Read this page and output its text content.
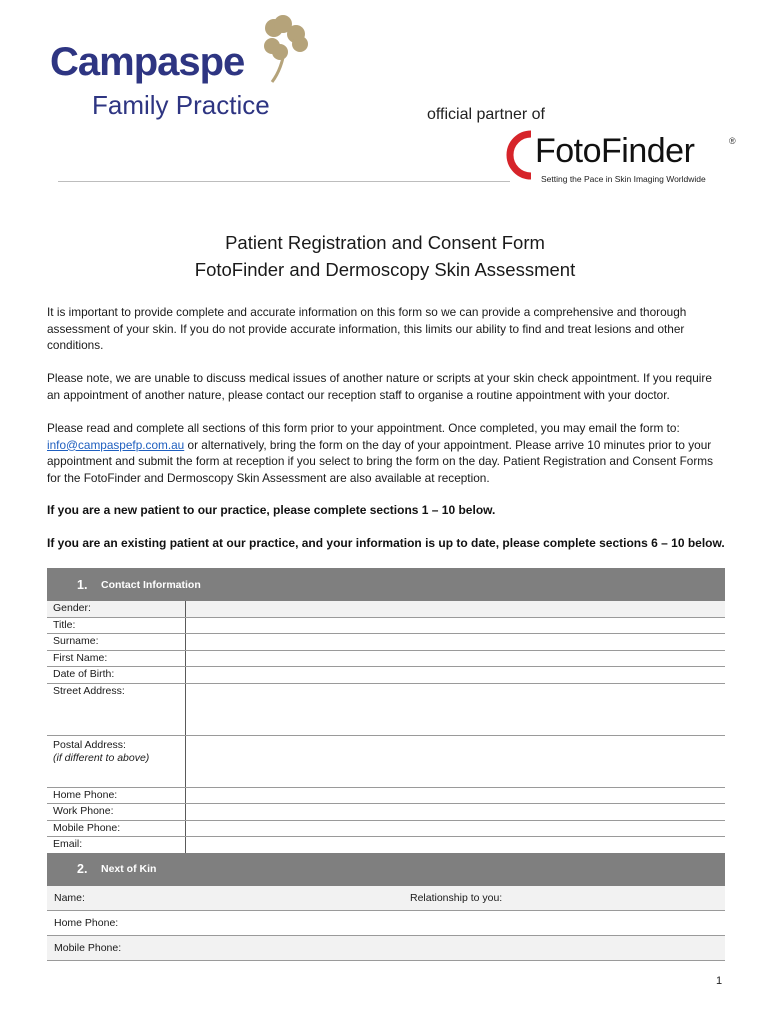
Campaspe
Family Practice	official partner of
FotoFinder	®
Setting the Pace in Skin Imaging Worldwide
Patient Registration and Consent Form
FotoFinder and Dermoscopy Skin Assessment
It is important to provide complete and accurate information on this form so we can provide a comprehensive and thorough assessment of your skin. If you do not provide accurate information, this limits our ability to find and treat lesions and other conditions.
Please note, we are unable to discuss medical issues of another nature or scripts at your skin check appointment. If you require an appointment of another nature, please contact our reception staff to organise a routine appointment with your doctor.
Please read and complete all sections of this form prior to your appointment. Once completed, you may email the form to: info@campaspefp.com.au or alternatively, bring the form on the day of your appointment. Please arrive 10 minutes prior to your appointment and submit the form at reception if you select to bring the form on the day. Patient Registration and Consent Forms for the FotoFinder and Dermoscopy Skin Assessment are also available at reception.
If you are a new patient to our practice, please complete sections 1 – 10 below.
If you are an existing patient at our practice, and your information is up to date, please complete sections 6 – 10 below.
1.	Contact Information
Gender:	
Title:	
Surname:	
First Name:	
Date of Birth:	
Street Address:	

Postal Address:
(if different to above)	

Home Phone:	
Work Phone:	
Mobile Phone:	
Email:	
2.	Next of Kin
Name:	Relationship to you:
Home Phone:
Mobile Phone:
1
